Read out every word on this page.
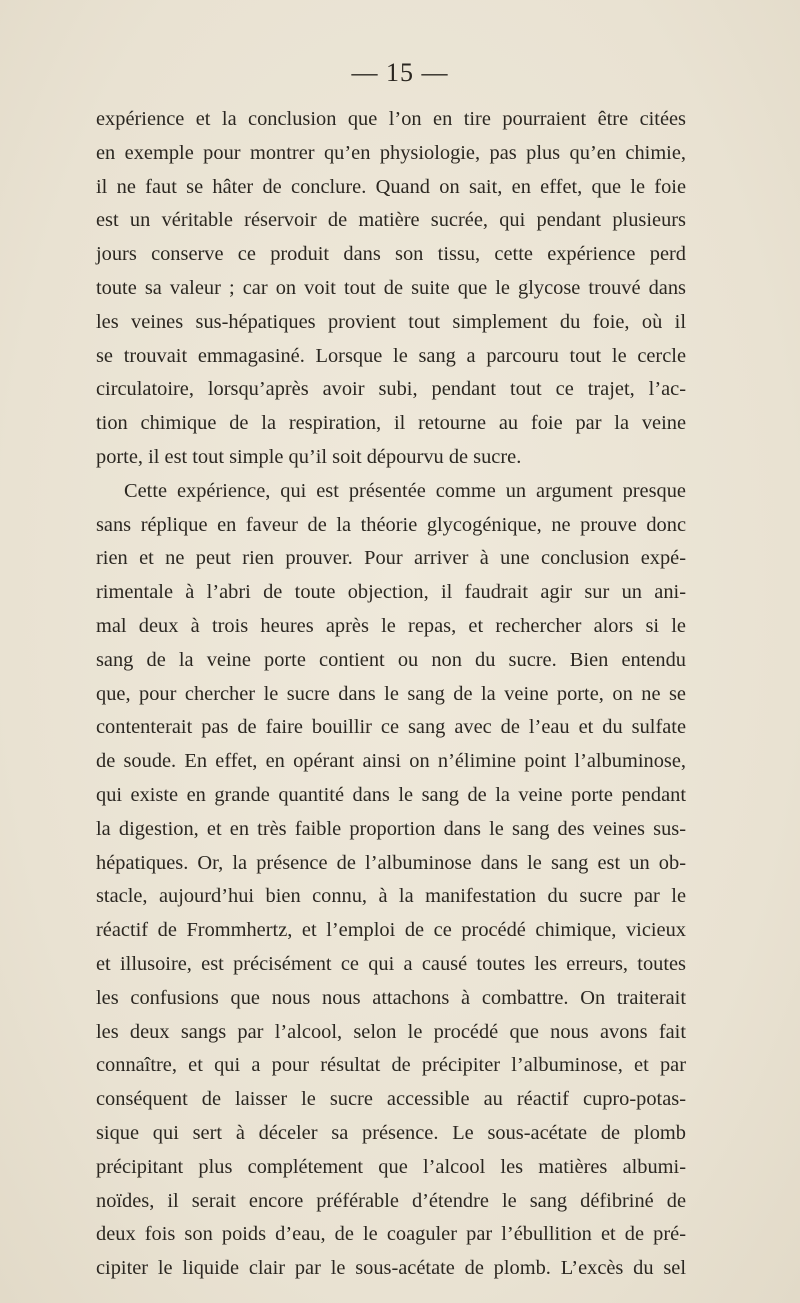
— 15 —
expérience et la conclusion que l’on en tire pourraient être citées
en exemple pour montrer qu’en physiologie, pas plus qu’en chimie,
il ne faut se hâter de conclure. Quand on sait, en effet, que le foie
est un véritable réservoir de matière sucrée, qui pendant plusieurs
jours conserve ce produit dans son tissu, cette expérience perd
toute sa valeur ; car on voit tout de suite que le glycose trouvé dans
les veines sus-hépatiques provient tout simplement du foie, où il
se trouvait emmagasiné. Lorsque le sang a parcouru tout le cercle
circulatoire, lorsqu’après avoir subi, pendant tout ce trajet, l’ac-
tion chimique de la respiration, il retourne au foie par la veine
porte, il est tout simple qu’il soit dépourvu de sucre.
Cette expérience, qui est présentée comme un argument presque
sans réplique en faveur de la théorie glycogénique, ne prouve donc
rien et ne peut rien prouver. Pour arriver à une conclusion expé-
rimentale à l’abri de toute objection, il faudrait agir sur un ani-
mal deux à trois heures après le repas, et rechercher alors si le
sang de la veine porte contient ou non du sucre. Bien entendu
que, pour chercher le sucre dans le sang de la veine porte, on ne se
contenterait pas de faire bouillir ce sang avec de l’eau et du sulfate
de soude. En effet, en opérant ainsi on n’élimine point l’albuminose,
qui existe en grande quantité dans le sang de la veine porte pendant
la digestion, et en très faible proportion dans le sang des veines sus-
hépatiques. Or, la présence de l’albuminose dans le sang est un ob-
stacle, aujourd’hui bien connu, à la manifestation du sucre par le
réactif de Frommhertz, et l’emploi de ce procédé chimique, vicieux
et illusoire, est précisément ce qui a causé toutes les erreurs, toutes
les confusions que nous nous attachons à combattre. On traiterait
les deux sangs par l’alcool, selon le procédé que nous avons fait
connaître, et qui a pour résultat de précipiter l’albuminose, et par
conséquent de laisser le sucre accessible au réactif cupro-potas-
sique qui sert à déceler sa présence. Le sous-acétate de plomb
précipitant plus complétement que l’alcool les matières albumi-
noïdes, il serait encore préférable d’étendre le sang défibriné de
deux fois son poids d’eau, de le coaguler par l’ébullition et de pré-
cipiter le liquide clair par le sous-acétate de plomb. L’excès du sel
